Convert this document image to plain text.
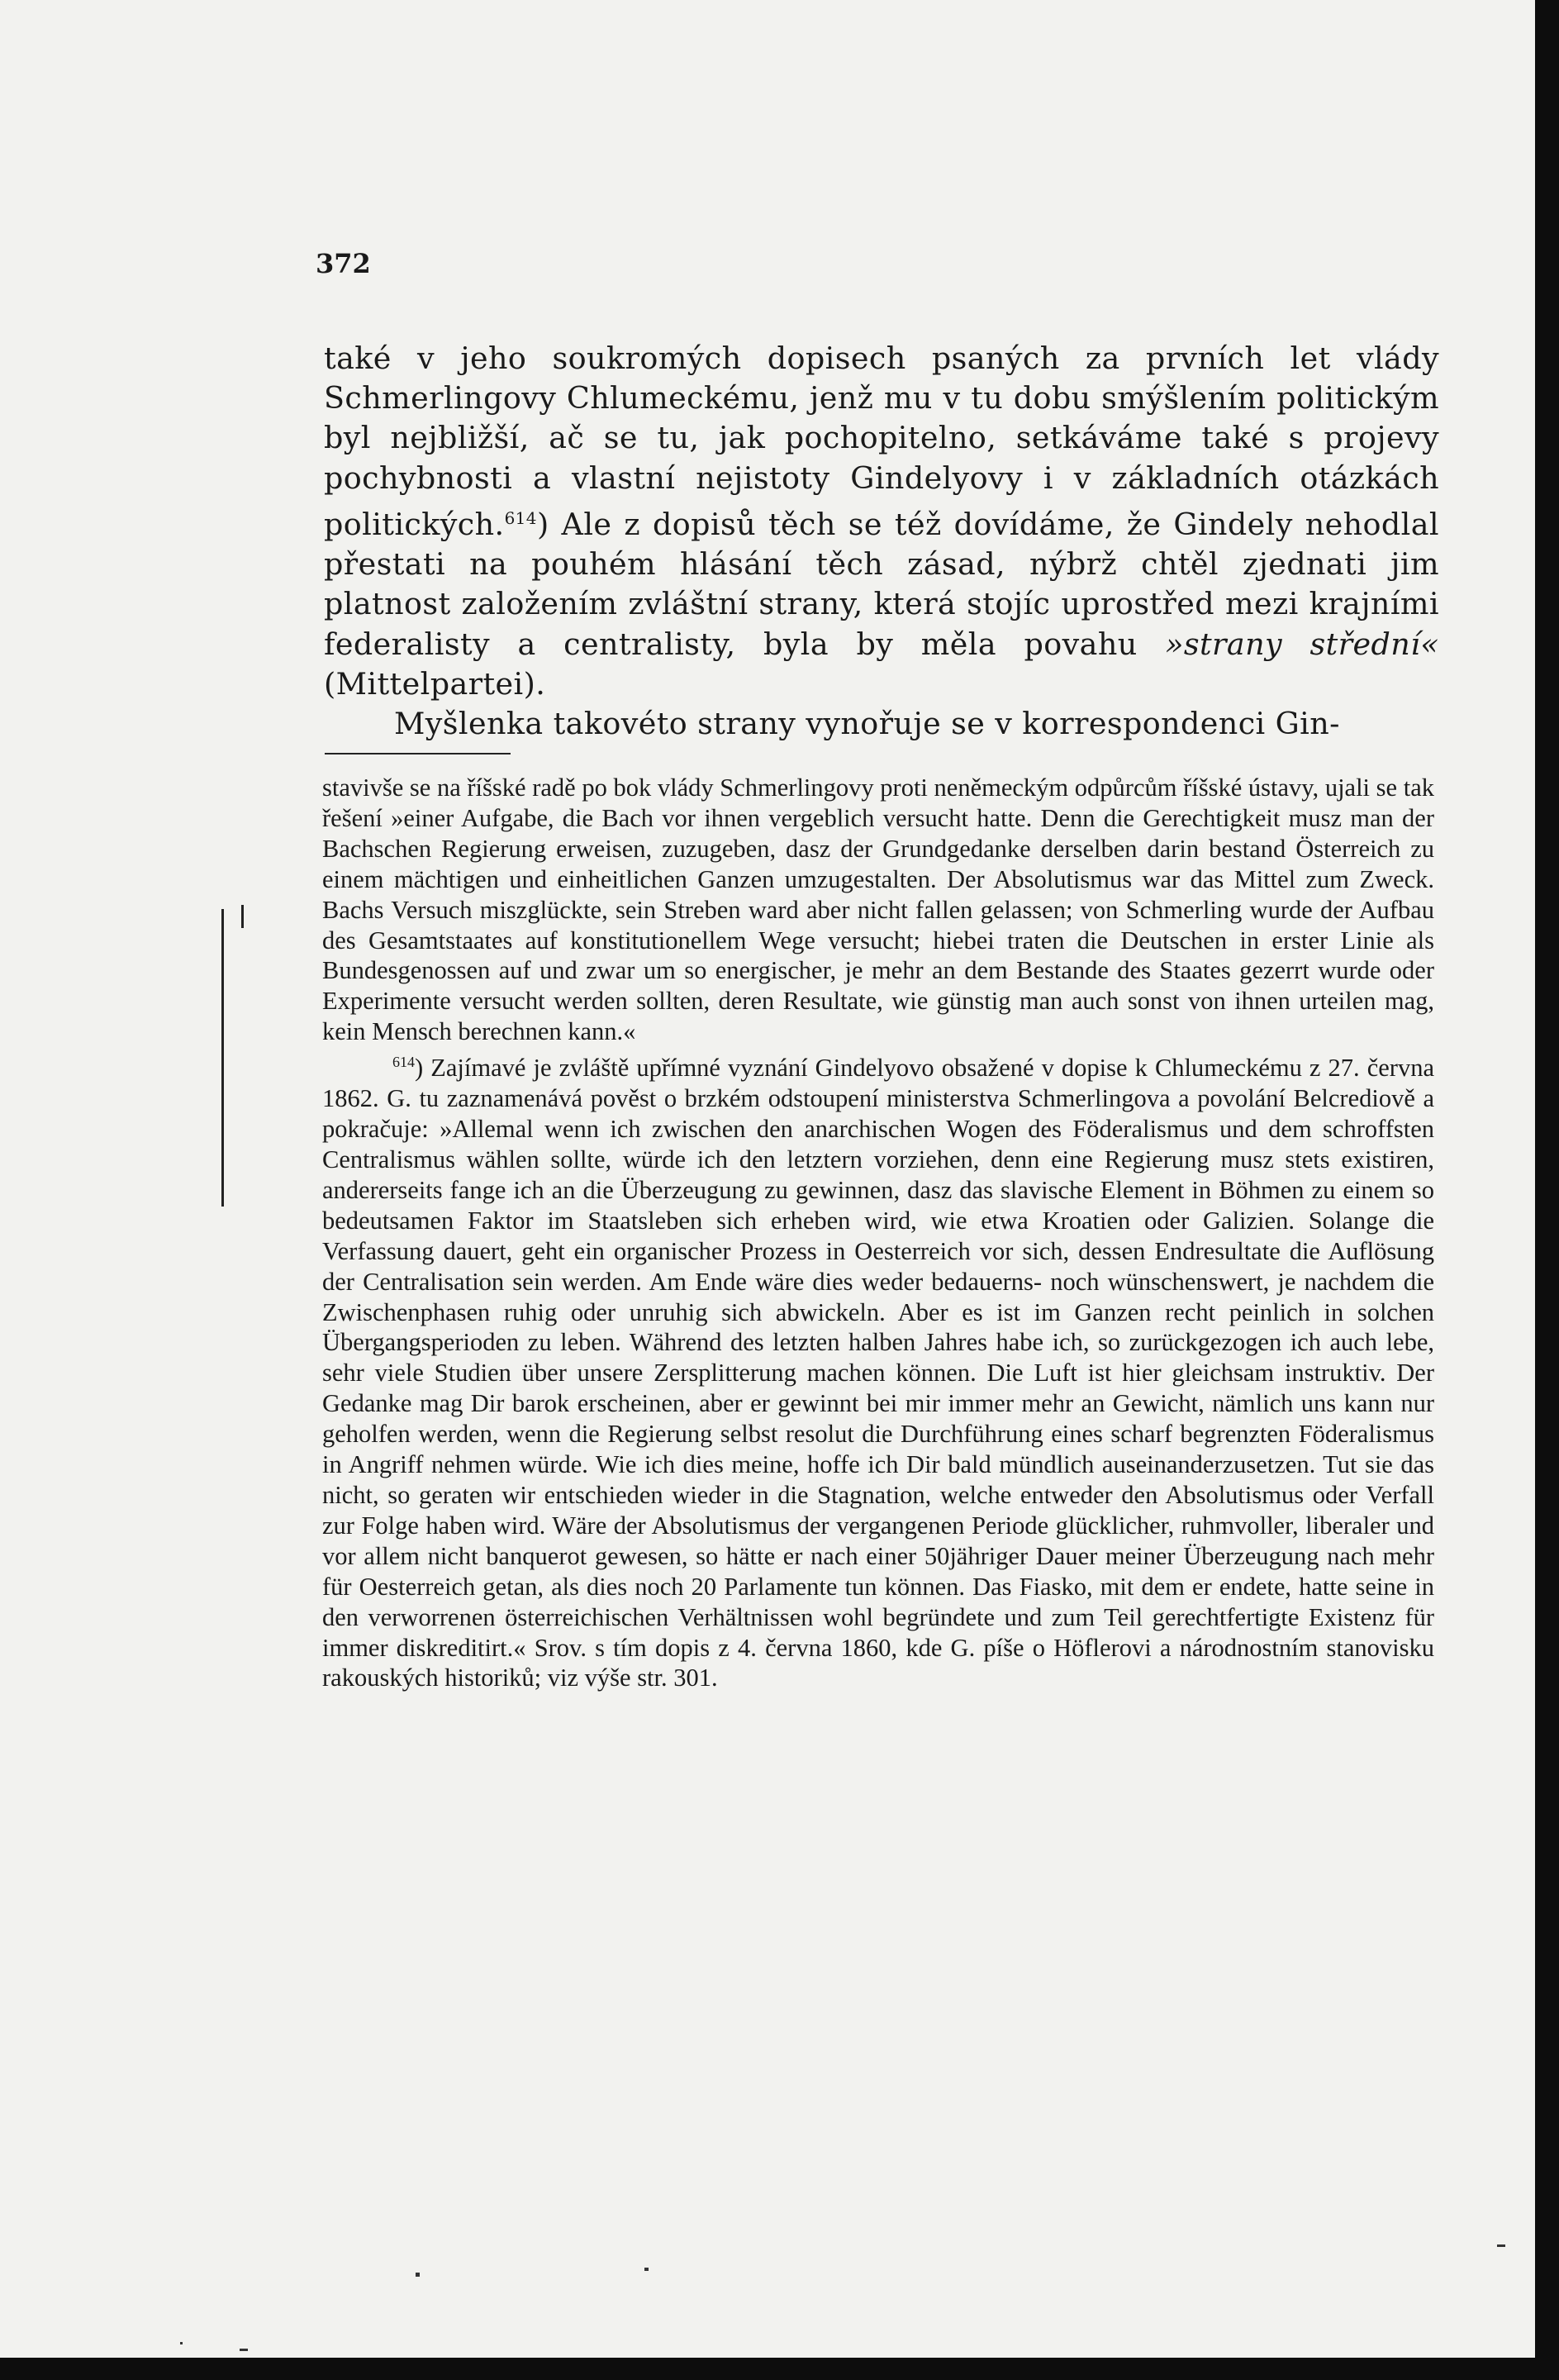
372

také v jeho soukromých dopisech psaných za prvních let vlády Schmerlingovy Chlumeckému, jenž mu v tu dobu smýšlením politickým byl nejbližší, ač se tu, jak pochopitelno, setkáváme také s projevy pochybnosti a vlastní nejistoty Gindelyovy i v základních otázkách politických.$^{614}$) Ale z dopisů těch se též dovídáme, že Gindely nehodlal přestati na pouhém hlásání těch zásad, nýbrž chtěl zjednati jim platnost založením zvláštní strany, která stojíc uprostřed mezi krajními federalisty a centralisty, byla by měla povahu »strany střední« (Mittelpartei).

Myšlenka takovéto strany vynořuje se v korrespondenci Gin-

stavivše se na říšské radě po bok vlády Schmerlingovy proti neněmeckým odpůrcům říšské ústavy, ujali se tak řešení »einer Aufgabe, die Bach vor ihnen vergeblich versucht hatte. Denn die Gerechtigkeit musz man der Bachschen Regierung erweisen, zuzugeben, dasz der Grundgedanke derselben darin bestand Österreich zu einem mächtigen und einheitlichen Ganzen umzugestalten. Der Absolutismus war das Mittel zum Zweck. Bachs Versuch miszglückte, sein Streben ward aber nicht fallen gelassen; von Schmerling wurde der Aufbau des Gesamtstaates auf konstitutionellem Wege versucht; hiebei traten die Deutschen in erster Linie als Bundesgenossen auf und zwar um so energischer, je mehr an dem Bestande des Staates gezerrt wurde oder Experimente versucht werden sollten, deren Resultate, wie günstig man auch sonst von ihnen urteilen mag, kein Mensch berechnen kann.«

$^{614}$) Zajímavé je zvláště upřímné vyznání Gindelyovo obsažené v dopise k Chlumeckému z 27. června 1862. G. tu zaznamenává pověst o brzkém odstoupení ministerstva Schmerlingova a povolání Belcrediově a pokračuje: »Allemal wenn ich zwischen den anarchischen Wogen des Föderalismus und dem schroffsten Centralismus wählen sollte, würde ich den letztern vorziehen, denn eine Regierung musz stets existiren, andererseits fange ich an die Überzeugung zu gewinnen, dasz das slavische Element in Böhmen zu einem so bedeutsamen Faktor im Staatsleben sich erheben wird, wie etwa Kroatien oder Galizien. Solange die Verfassung dauert, geht ein organischer Prozess in Oesterreich vor sich, dessen Endresultate die Auflösung der Centralisation sein werden. Am Ende wäre dies weder bedauerns- noch wünschenswert, je nachdem die Zwischenphasen ruhig oder unruhig sich abwickeln. Aber es ist im Ganzen recht peinlich in solchen Übergangsperioden zu leben. Während des letzten halben Jahres habe ich, so zurückgezogen ich auch lebe, sehr viele Studien über unsere Zersplitterung machen können. Die Luft ist hier gleichsam instruktiv. Der Gedanke mag Dir barok erscheinen, aber er gewinnt bei mir immer mehr an Gewicht, nämlich uns kann nur geholfen werden, wenn die Regierung selbst resolut die Durchführung eines scharf begrenzten Föderalismus in Angriff nehmen würde. Wie ich dies meine, hoffe ich Dir bald mündlich auseinanderzusetzen. Tut sie das nicht, so geraten wir entschieden wieder in die Stagnation, welche entweder den Absolutismus oder Verfall zur Folge haben wird. Wäre der Absolutismus der vergangenen Periode glücklicher, ruhmvoller, liberaler und vor allem nicht banquerot gewesen, so hätte er nach einer 50jähriger Dauer meiner Überzeugung nach mehr für Oesterreich getan, als dies noch 20 Parlamente tun können. Das Fiasko, mit dem er endete, hatte seine in den verworrenen österreichischen Verhältnissen wohl begründete und zum Teil gerechtfertigte Existenz für immer diskreditirt.« Srov. s tím dopis z 4. června 1860, kde G. píše o Höflerovi a národnostním stanovisku rakouských historiků; viz výše str. 301.
